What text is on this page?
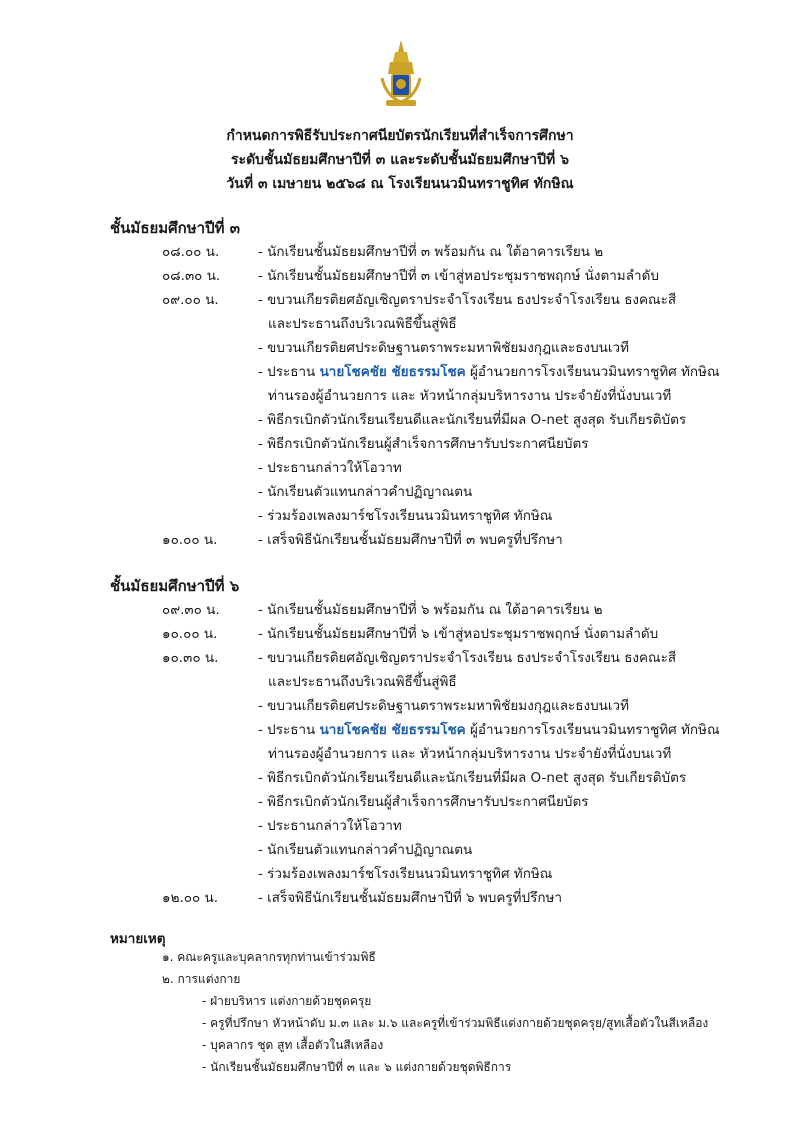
กำหนดการพิธีรับประกาศนียบัตรนักเรียนที่สำเร็จการศึกษา
ระดับชั้นมัธยมศึกษาปีที่ ๓ และระดับชั้นมัธยมศึกษาปีที่ ๖
วันที่ ๓ เมษายน ๒๕๖๘ ณ โรงเรียนนวมินทราชูทิศ ทักษิณ
ชั้นมัธยมศึกษาปีที่ ๓
๐๘.๐๐ น.	- นักเรียนชั้นมัธยมศึกษาปีที่ ๓ พร้อมกัน ณ ใต้อาคารเรียน ๒
๐๘.๓๐ น.	- นักเรียนชั้นมัธยมศึกษาปีที่ ๓ เข้าสู่หอประชุมราชพฤกษ์ นั่งตามลำดับ
๐๙.๐๐ น.	- ขบวนเกียรติยศอัญเชิญตราประจำโรงเรียน ธงประจำโรงเรียน ธงคณะสี
และประธานถึงบริเวณพิธีขึ้นสู่พิธี
- ขบวนเกียรติยศประดิษฐานตราพระมหาพิชัยมงกุฎและธงบนเวที
- ประธาน นายโชคชัย ชัยธรรมโชค ผู้อำนวยการโรงเรียนนวมินทราชูทิศ ทักษิณ
ท่านรองผู้อำนวยการ และ หัวหน้ากลุ่มบริหารงาน ประจำยังที่นั่งบนเวที
- พิธีกรเบิกตัวนักเรียนเรียนดีและนักเรียนที่มีผล O-net สูงสุด รับเกียรติบัตร
- พิธีกรเบิกตัวนักเรียนผู้สำเร็จการศึกษารับประกาศนียบัตร
- ประธานกล่าวให้โอวาท
- นักเรียนตัวแทนกล่าวคำปฏิญาณตน
- ร่วมร้องเพลงมาร์ชโรงเรียนนวมินทราชูทิศ ทักษิณ
๑๐.๐๐ น.	- เสร็จพิธีนักเรียนชั้นมัธยมศึกษาปีที่ ๓ พบครูที่ปรึกษา
ชั้นมัธยมศึกษาปีที่ ๖
๐๙.๓๐ น.	- นักเรียนชั้นมัธยมศึกษาปีที่ ๖ พร้อมกัน ณ ใต้อาคารเรียน ๒
๑๐.๐๐ น.	- นักเรียนชั้นมัธยมศึกษาปีที่ ๖ เข้าสู่หอประชุมราชพฤกษ์ นั่งตามลำดับ
๑๐.๓๐ น.	- ขบวนเกียรติยศอัญเชิญตราประจำโรงเรียน ธงประจำโรงเรียน ธงคณะสี
และประธานถึงบริเวณพิธีขึ้นสู่พิธี
- ขบวนเกียรติยศประดิษฐานตราพระมหาพิชัยมงกุฎและธงบนเวที
- ประธาน นายโชคชัย ชัยธรรมโชค ผู้อำนวยการโรงเรียนนวมินทราชูทิศ ทักษิณ
ท่านรองผู้อำนวยการ และ หัวหน้ากลุ่มบริหารงาน ประจำยังที่นั่งบนเวที
- พิธีกรเบิกตัวนักเรียนเรียนดีและนักเรียนที่มีผล O-net สูงสุด รับเกียรติบัตร
- พิธีกรเบิกตัวนักเรียนผู้สำเร็จการศึกษารับประกาศนียบัตร
- ประธานกล่าวให้โอวาท
- นักเรียนตัวแทนกล่าวคำปฏิญาณตน
- ร่วมร้องเพลงมาร์ชโรงเรียนนวมินทราชูทิศ ทักษิณ
๑๒.๐๐ น.	- เสร็จพิธีนักเรียนชั้นมัธยมศึกษาปีที่ ๖ พบครูที่ปรึกษา
หมายเหตุ
๑. คณะครูและบุคลากรทุกท่านเข้าร่วมพิธี
๒. การแต่งกาย
- ฝ่ายบริหาร แต่งกายด้วยชุดครุย
- ครูที่ปรึกษา หัวหน้าดับ ม.๓ และ ม.๖ และครูที่เข้าร่วมพิธีแต่งกายด้วยชุดครุย/สูทเสื้อตัวในสีเหลือง
- บุคลากร ชุด สูท เสื้อตัวในสีเหลือง
- นักเรียนชั้นมัธยมศึกษาปีที่ ๓ และ ๖ แต่งกายด้วยชุดพิธีการ
